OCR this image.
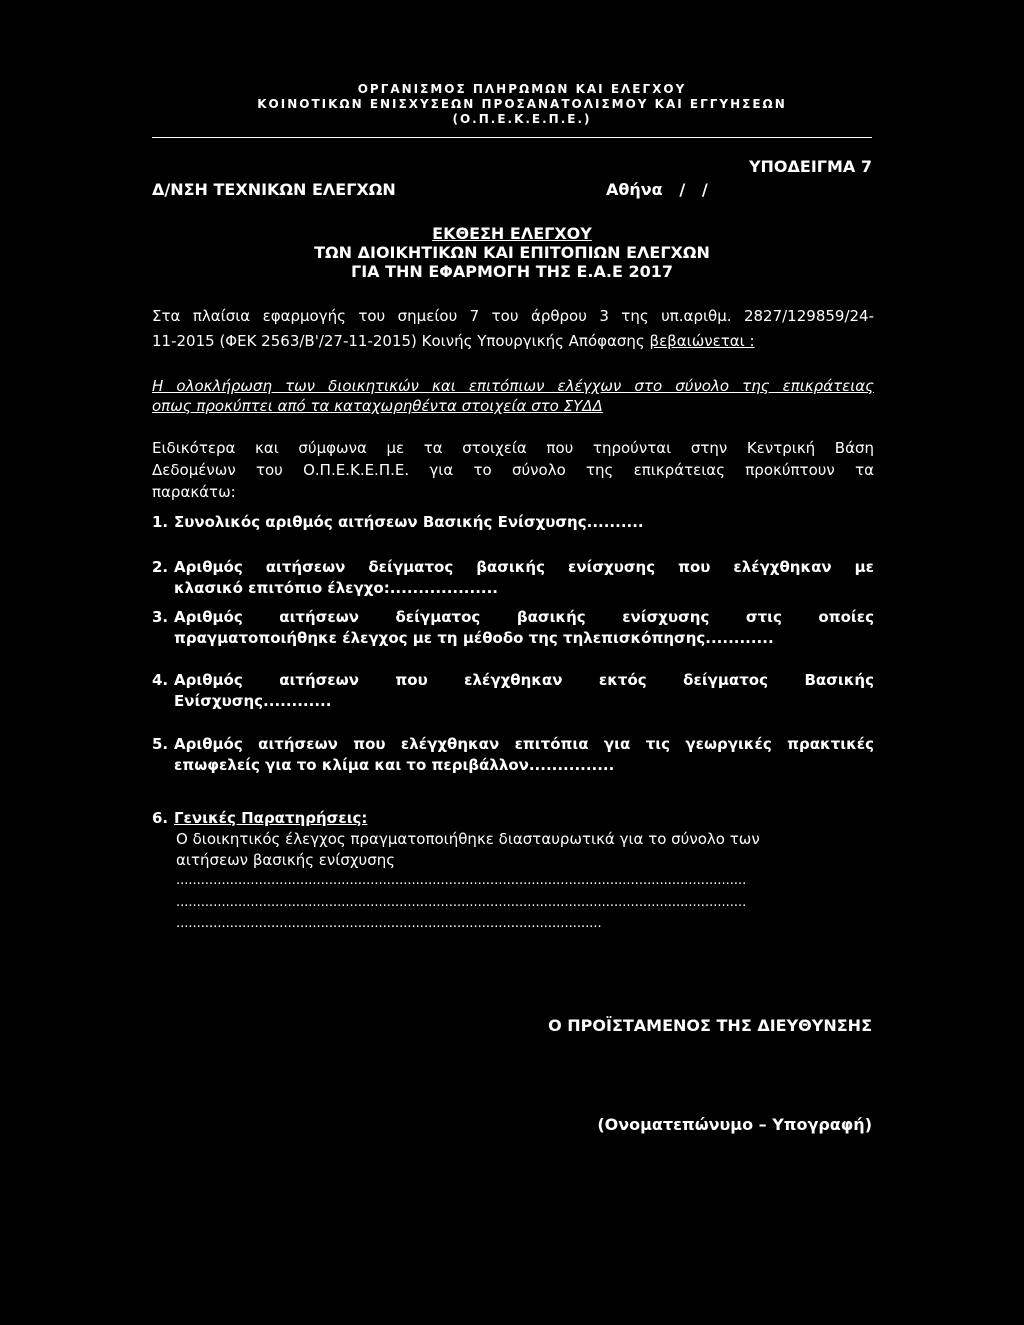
ΟΡΓΑΝΙΣΜΟΣ ΠΛΗΡΩΜΩΝ ΚΑΙ ΕΛΕΓΧΟΥ
ΚΟΙΝΟΤΙΚΩΝ ΕΝΙΣΧΥΣΕΩΝ ΠΡΟΣΑΝΑΤΟΛΙΣΜΟΥ ΚΑΙ ΕΓΓΥΗΣΕΩΝ
(Ο.Π.Ε.Κ.Ε.Π.Ε.)
ΥΠΟΔΕΙΓΜΑ 7
Δ/ΝΣΗ ΤΕΧΝΙΚΩΝ ΕΛΕΓΧΩΝ	Αθήνα   /   /
ΕΚΘΕΣΗ ΕΛΕΓΧΟΥ
ΤΩΝ ΔΙΟΙΚΗΤΙΚΩΝ ΚΑΙ ΕΠΙΤΟΠΙΩΝ ΕΛΕΓΧΩΝ
ΓΙΑ ΤΗΝ ΕΦΑΡΜΟΓΗ ΤΗΣ Ε.Α.Ε 2017
Στα πλαίσια εφαρμογής του σημείου 7 του άρθρου 3 της υπ.αριθμ. 2827/129859/24-
11-2015 (ΦΕΚ 2563/Β'/27-11-2015) Κοινής Υπουργικής Απόφασης βεβαιώνεται :
Η ολοκλήρωση των διοικητικών και επιτόπιων ελέγχων στο σύνολο της επικράτειας
οπως προκύπτει από τα καταχωρηθέντα στοιχεία στο ΣΥΔΔ
Ειδικότερα και σύμφωνα με τα στοιχεία που τηρούνται στην Κεντρική Βάση
Δεδομένων του Ο.Π.Ε.Κ.Ε.Π.Ε. για το σύνολο της επικράτειας προκύπτουν τα
παρακάτω:
1. Συνολικός αριθμός αιτήσεων Βασικής Ενίσχυσης..........
2. Αριθμός αιτήσεων δείγματος βασικής ενίσχυσης που ελέγχθηκαν με
κλασικό επιτόπιο έλεγχο:...................
3. Αριθμός αιτήσεων δείγματος βασικής ενίσχυσης στις οποίες
πραγματοποιήθηκε έλεγχος με τη μέθοδο της τηλεπισκόπησης............
4. Αριθμός αιτήσεων που ελέγχθηκαν εκτός δείγματος Βασικής
Ενίσχυσης............
5. Αριθμός αιτήσεων που ελέγχθηκαν επιτόπια για τις γεωργικές πρακτικές
επωφελείς για το κλίμα και το περιβάλλον...............
6. Γενικές Παρατηρήσεις:
Ο διοικητικός έλεγχος πραγματοποιήθηκε διασταυρωτικά για το σύνολο των
αιτήσεων βασικής ενίσχυσης
..........................................................................................................................................
..........................................................................................................................................
.......................................................................................................
Ο ΠΡΟΪΣΤΑΜΕΝΟΣ ΤΗΣ ΔΙΕΥΘΥΝΣΗΣ
(Ονοματεπώνυμο – Υπογραφή)
